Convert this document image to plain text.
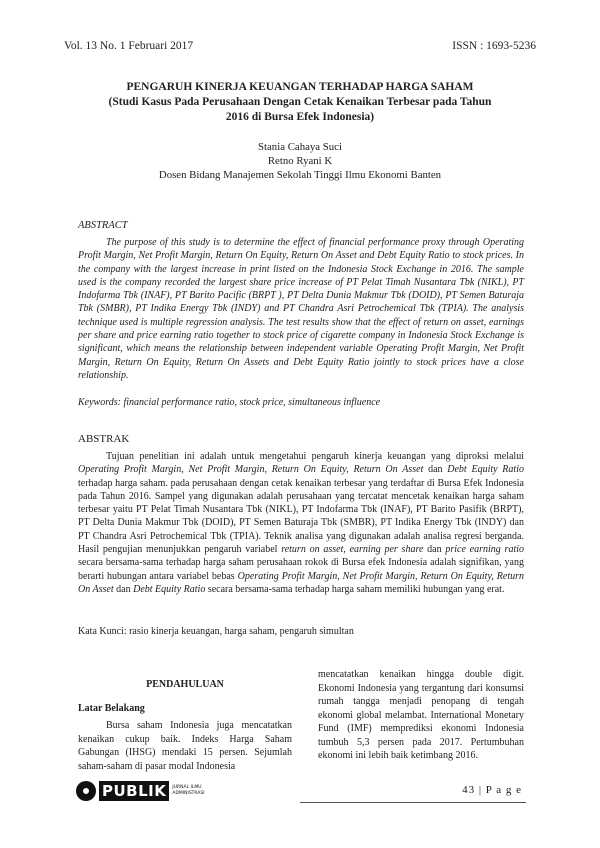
Vol. 13 No. 1 Februari 2017	ISSN : 1693-5236
PENGARUH KINERJA KEUANGAN TERHADAP HARGA SAHAM
(Studi Kasus Pada Perusahaan Dengan Cetak Kenaikan Terbesar pada Tahun
2016 di Bursa Efek Indonesia)
Stania Cahaya Suci
Retno Ryani K
Dosen Bidang Manajemen Sekolah Tinggi Ilmu Ekonomi Banten
ABSTRACT
The purpose of this study is to determine the effect of financial performance proxy through Operating Profit Margin, Net Profit Margin, Return On Equity, Return On Asset and Debt Equity Ratio to stock prices. In the company with the largest increase in print listed on the Indonesia Stock Exchange in 2016. The sample used is the company recorded the largest share price increase of PT Pelat Timah Nusantara Tbk (NIKL), PT Indofarma Tbk (INAF), PT Barito Pacific (BRPT ), PT Delta Dunia Makmur Tbk (DOID), PT Semen Baturaja Tbk (SMBR), PT Indika Energy Tbk (INDY) and PT Chandra Asri Petrochemical Tbk (TPIA). The analysis technique used is multiple regression analysis. The test results show that the effect of return on asset, earnings per share and price earning ratio together to stock price of cigarette company in Indonesia Stock Exchange is significant, which means the relationship between independent variable Operating Profit Margin, Net Profit Margin, Return On Equity, Return On Assets and Debt Equity Ratio jointly to stock prices have a close relationship.
Keywords: financial performance ratio, stock price, simultaneous influence
ABSTRAK
Tujuan penelitian ini adalah untuk mengetahui pengaruh kinerja keuangan yang diproksi melalui Operating Profit Margin, Net Profit Margin, Return On Equity, Return On Asset dan Debt Equity Ratio terhadap harga saham. pada perusahaan dengan cetak kenaikan terbesar yang terdaftar di Bursa Efek Indonesia pada Tahun 2016. Sampel yang digunakan adalah perusahaan yang tercatat mencetak kenaikan harga saham terbesar yaitu PT Pelat Timah Nusantara Tbk (NIKL), PT Indofarma Tbk (INAF), PT Barito Pasifik (BRPT), PT Delta Dunia Makmur Tbk (DOID), PT Semen Baturaja Tbk (SMBR), PT Indika Energy Tbk (INDY) dan PT Chandra Asri Petrochemical Tbk (TPIA). Teknik analisa yang digunakan adalah analisa regresi berganda. Hasil pengujian menunjukkan pengaruh variabel return on asset, earning per share dan price earning ratio secara bersama-sama terhadap harga saham perusahaan rokok di Bursa efek Indonesia adalah signifikan, yang berarti hubungan antara variabel bebas Operating Profit Margin, Net Profit Margin, Return On Equity, Return On Asset dan Debt Equity Ratio secara bersama-sama terhadap harga saham memiliki hubungan yang erat.
Kata Kunci: rasio kinerja keuangan, harga saham, pengaruh simultan
PENDAHULUAN
Latar Belakang
Bursa saham Indonesia juga mencatatkan kenaikan cukup baik. Indeks Harga Saham Gabungan (IHSG) mendaki 15 persen. Sejumlah saham-saham di pasar modal Indonesia
mencatatkan kenaikan hingga double digit. Ekonomi Indonesia yang tergantung dari konsumsi rumah tangga menjadi penopang di tengah ekonomi global melambat. International Monetary Fund (IMF) memprediksi ekonomi Indonesia tumbuh 5,3 persen pada 2017. Pertumbuhan ekonomi ini lebih baik ketimbang 2016.
PUBLIK	JURNAL ILMU ADMINISTRASI	43 | P a g e
